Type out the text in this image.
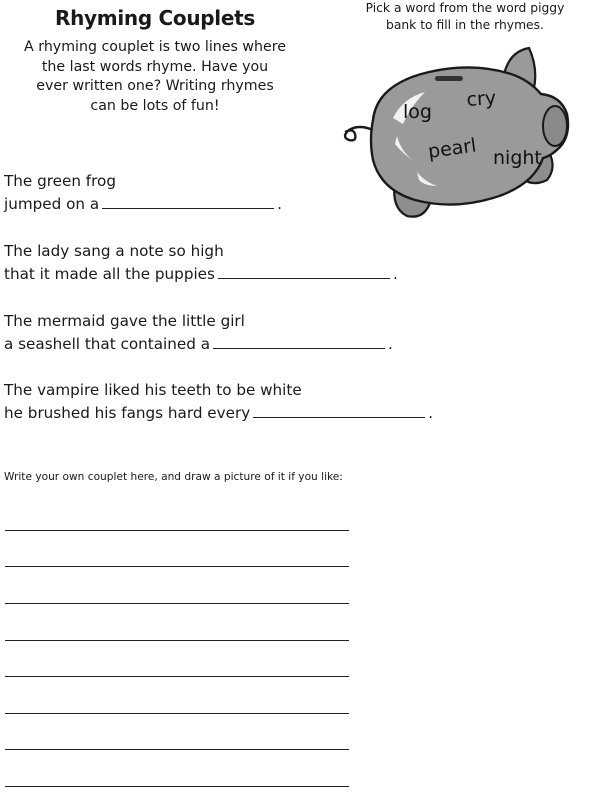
Rhyming Couplets
A rhyming couplet is two lines where
the last words rhyme. Have you
ever written one? Writing rhymes
can be lots of fun!
Pick a word from the word piggy
bank to fill in the rhymes.
log
cry
pearl night
The green frog
jumped on a	.
The lady sang a note so high
that it made all the puppies	.
The mermaid gave the little girl
a seashell that contained a	.
The vampire liked his teeth to be white
he brushed his fangs hard every	.
Write your own couplet here, and draw a picture of it if you like:
